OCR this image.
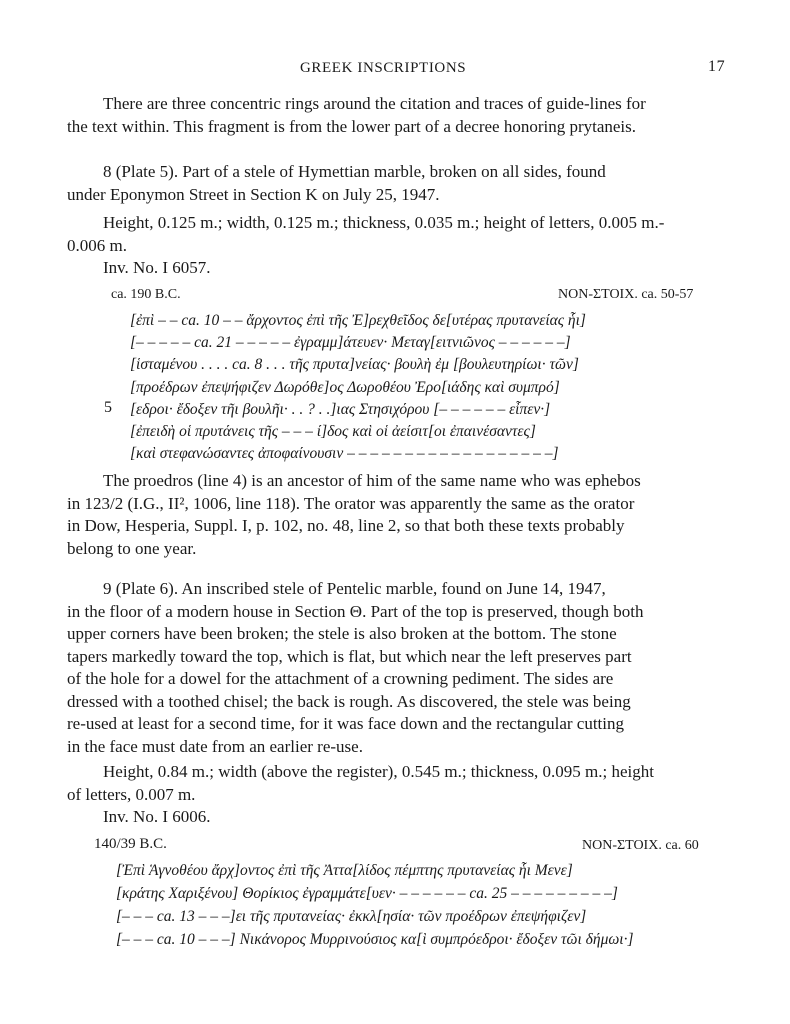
GREEK INSCRIPTIONS	17
There are three concentric rings around the citation and traces of guide-lines for
the text within. This fragment is from the lower part of a decree honoring prytaneis.
8 (Plate 5). Part of a stele of Hymettian marble, broken on all sides, found
under Eponymon Street in Section K on July 25, 1947.
Height, 0.125 m.; width, 0.125 m.; thickness, 0.035 m.; height of letters, 0.005 m.-
0.006 m.
Inv. No. I 6057.
ca. 190 B.C.	NON-ΣTOIX. ca. 50-57
[ἐπὶ – – ca. 10 – – ἄρχοντος ἐπὶ τῆς Ἐ]ρεχθεῖδος δε[υτέρας πρυτανείας ἧι]
[– – – – – ca. 21 – – – – – ἐγραμμ]άτευεν· Μεταγ[ειτνιῶνος – – – – – –]
[ἱσταμένου . . . . ca. 8 . . . τῆς πρυτα]νείας· βουλὴ ἐμ [βουλευτηρίωι· τῶν]
[προέδρων ἐπεψήφιζεν Δωρόθε]ος Δωροθέου Ἐρο[ιάδης καὶ συμπρό]
[εδροι· ἔδοξεν τῆι βουλῆι· . . ? . .]ιας Στησιχόρου [– – – – – – εἶπεν·]
[ἐπειδὴ οἱ πρυτάνεις τῆς – – – ί]δος καὶ οἱ ἀείσιτ[οι ἐπαινέσαντες]
[καὶ στεφανώσαντες ἀποφαίνουσιν – – – – – – – – – – – – – – – – – –]
5
The proedros (line 4) is an ancestor of him of the same name who was ephebos
in 123/2 (I.G., II², 1006, line 118). The orator was apparently the same as the orator
in Dow, Hesperia, Suppl. I, p. 102, no. 48, line 2, so that both these texts probably
belong to one year.
9 (Plate 6). An inscribed stele of Pentelic marble, found on June 14, 1947,
in the floor of a modern house in Section Θ. Part of the top is preserved, though both
upper corners have been broken; the stele is also broken at the bottom. The stone
tapers markedly toward the top, which is flat, but which near the left preserves part
of the hole for a dowel for the attachment of a crowning pediment. The sides are
dressed with a toothed chisel; the back is rough. As discovered, the stele was being
re-used at least for a second time, for it was face down and the rectangular cutting
in the face must date from an earlier re-use.
Height, 0.84 m.; width (above the register), 0.545 m.; thickness, 0.095 m.; height
of letters, 0.007 m.
Inv. No. I 6006.
140/39 B.C.	NON-ΣTOIX. ca. 60
[Ἐπὶ Ἁγνοθέου ἄρχ]οντος ἐπὶ τῆς Ἀττα[λίδος πέμπτης πρυτανείας ἧι Μενε]
[κράτης Χαριξένου] Θορίκιος ἐγραμμάτε[υεν· – – – – – – ca. 25 – – – – – – – – –]
[– – – ca. 13 – – –]ει τῆς πρυτανείας· ἐκκλ[ησία· τῶν προέδρων ἐπεψήφιζεν]
[– – – ca. 10 – – –] Νικάνορος Μυρρινούσιος κα[ὶ συμπρόεδροι· ἔδοξεν τῶι δήμωι·]
